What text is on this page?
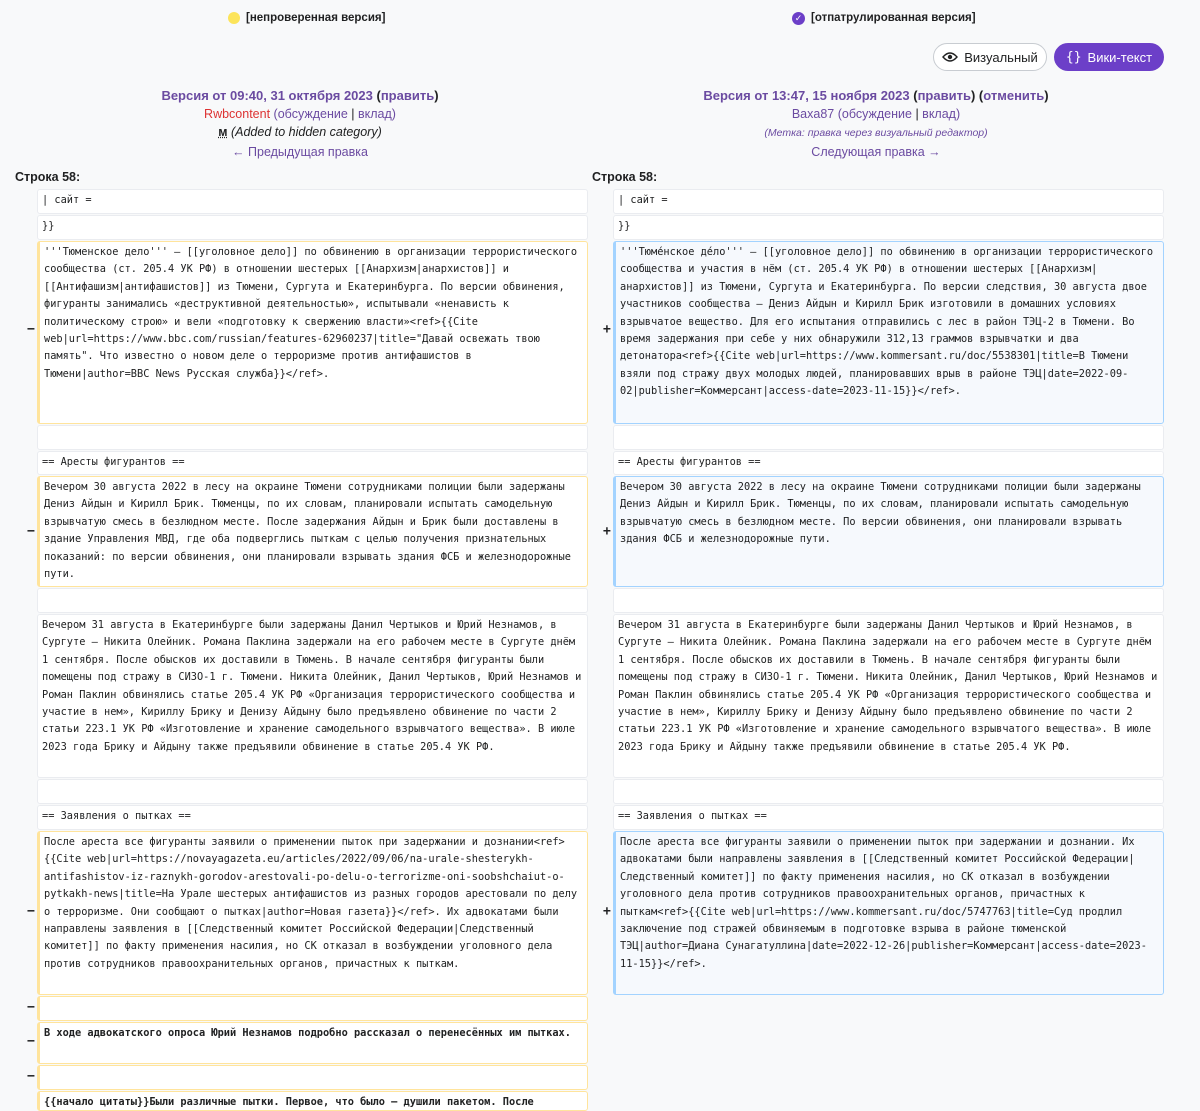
[непроверенная версия]	✓ [отпатрулированная версия]
Визуальный {} Вики-текст
Версия от 09:40, 31 октября 2023 (править)
Rwbcontent (обсуждение | вклад)
м (Added to hidden category)
← Предыдущая правка
Версия от 13:47, 15 ноября 2023 (править) (отменить)
Baxa87 (обсуждение | вклад)
(Метка: правка через визуальный редактор)
Следующая правка →
Строка 58:	Строка 58:
| сайт =	| сайт =
}}	}}
−
'''Тюменское дело''' — [[уголовное дело]] по обвинению в организации террористического сообщества (ст. 205.4 УК РФ) в отношении шестерых [[Анархизм|анархистов]] и [[Антифашизм|антифашистов]] из Тюмени, Сургута и Екатеринбурга. По версии обвинения, фигуранты занимались «деструктивной деятельностью», испытывали «ненависть к политическому строю» и вели «подготовку к свержению власти»<ref>{{Cite web|url=https://www.bbc.com/russian/features-62960237|title="Давай освежать твою память". Что известно о новом деле о терроризме против антифашистов в Тюмени|author=BBC News Русская служба}}</ref>.
+
'''Тюме́нское де́ло''' — [[уголовное дело]] по обвинению в организации террористического сообщества и участия в нём (ст. 205.4 УК РФ) в отношении шестерых [[Анархизм|анархистов]] из Тюмени, Сургута и Екатеринбурга. По версии следствия, 30 августа двое участников сообщества — Дениз Айдын и Кирилл Брик изготовили в домашних условиях взрывчатое вещество. Для его испытания отправились с лес в район ТЭЦ-2 в Тюмени. Во время задержания при себе у них обнаружили 312,13 граммов взрывчатки и два детонатора<ref>{{Cite web|url=https://www.kommersant.ru/doc/5538301|title=В Тюмени взяли под стражу двух молодых людей, планировавших врыв в районе ТЭЦ|date=2022-09-02|publisher=Коммерсант|access-date=2023-11-15}}</ref>.
== Аресты фигурантов ==	== Аресты фигурантов ==
−
Вечером 30 августа 2022 в лесу на окраине Тюмени сотрудниками полиции были задержаны Дениз Айдын и Кирилл Брик. Тюменцы, по их словам, планировали испытать самодельную взрывчатую смесь в безлюдном месте. После задержания Айдын и Брик были доставлены в здание Управления МВД, где оба подверглись пыткам с целью получения признательных показаний: по версии обвинения, они планировали взрывать здания ФСБ и железнодорожные пути.
+
Вечером 30 августа 2022 в лесу на окраине Тюмени сотрудниками полиции были задержаны Дениз Айдын и Кирилл Брик. Тюменцы, по их словам, планировали испытать самодельную взрывчатую смесь в безлюдном месте. По версии обвинения, они планировали взрывать здания ФСБ и железнодорожные пути.
Вечером 31 августа в Екатеринбурге были задержаны Данил Чертыков и Юрий Незнамов, в Сургуте — Никита Олейник. Романа Паклина задержали на его рабочем месте в Сургуте днём 1 сентября. После обысков их доставили в Тюмень. В начале сентября фигуранты были помещены под стражу в СИЗО-1 г. Тюмени. Никита Олейник, Данил Чертыков, Юрий Незнамов и Роман Паклин обвинялись статье 205.4 УК РФ «Организация террористического сообщества и участие в нем», Кириллу Брику и Денизу Айдыну было предъявлено обвинение по части 2 статьи 223.1 УК РФ «Изготовление и хранение самодельного взрывчатого вещества». В июле 2023 года Брику и Айдыну также предъявили обвинение в статье 205.4 УК РФ.
Вечером 31 августа в Екатеринбурге были задержаны Данил Чертыков и Юрий Незнамов, в Сургуте — Никита Олейник. Романа Паклина задержали на его рабочем месте в Сургуте днём 1 сентября. После обысков их доставили в Тюмень. В начале сентября фигуранты были помещены под стражу в СИЗО-1 г. Тюмени. Никита Олейник, Данил Чертыков, Юрий Незнамов и Роман Паклин обвинялись статье 205.4 УК РФ «Организация террористического сообщества и участие в нем», Кириллу Брику и Денизу Айдыну было предъявлено обвинение по части 2 статьи 223.1 УК РФ «Изготовление и хранение самодельного взрывчатого вещества». В июле 2023 года Брику и Айдыну также предъявили обвинение в статье 205.4 УК РФ.
== Заявления о пытках ==	== Заявления о пытках ==
−
После ареста все фигуранты заявили о применении пыток при задержании и дознании<ref>{{Cite web|url=https://novayagazeta.eu/articles/2022/09/06/na-urale-shesterykh-antifashistov-iz-raznykh-gorodov-arestovali-po-delu-o-terrorizme-oni-soobshchaiut-o-pytkakh-news|title=На Урале шестерых антифашистов из разных городов арестовали по делу о терроризме. Они сообщают о пытках|author=Новая газета}}</ref>. Их адвокатами были направлены заявления в [[Следственный комитет Российской Федерации|Следственный комитет]] по факту применения насилия, но СК отказал в возбуждении уголовного дела против сотрудников правоохранительных органов, причастных к пыткам.
+
После ареста все фигуранты заявили о применении пыток при задержании и дознании. Их адвокатами были направлены заявления в [[Следственный комитет Российской Федерации|Следственный комитет]] по факту применения насилия, но СК отказал в возбуждении уголовного дела против сотрудников правоохранительных органов, причастных к пыткам<ref>{{Cite web|url=https://www.kommersant.ru/doc/5747763|title=Суд продлил заключение под стражей обвиняемым в подготовке взрыва в районе тюменской ТЭЦ|author=Диана Сунагатуллина|date=2022-12-26|publisher=Коммерсант|access-date=2023-11-15}}</ref>.
−
−
В ходе адвокатского опроса Юрий Незнамов подробно рассказал о перенесённых им пытках.
−
{{начало цитаты}}Были различные пытки. Первое, что было — душили пакетом. После
